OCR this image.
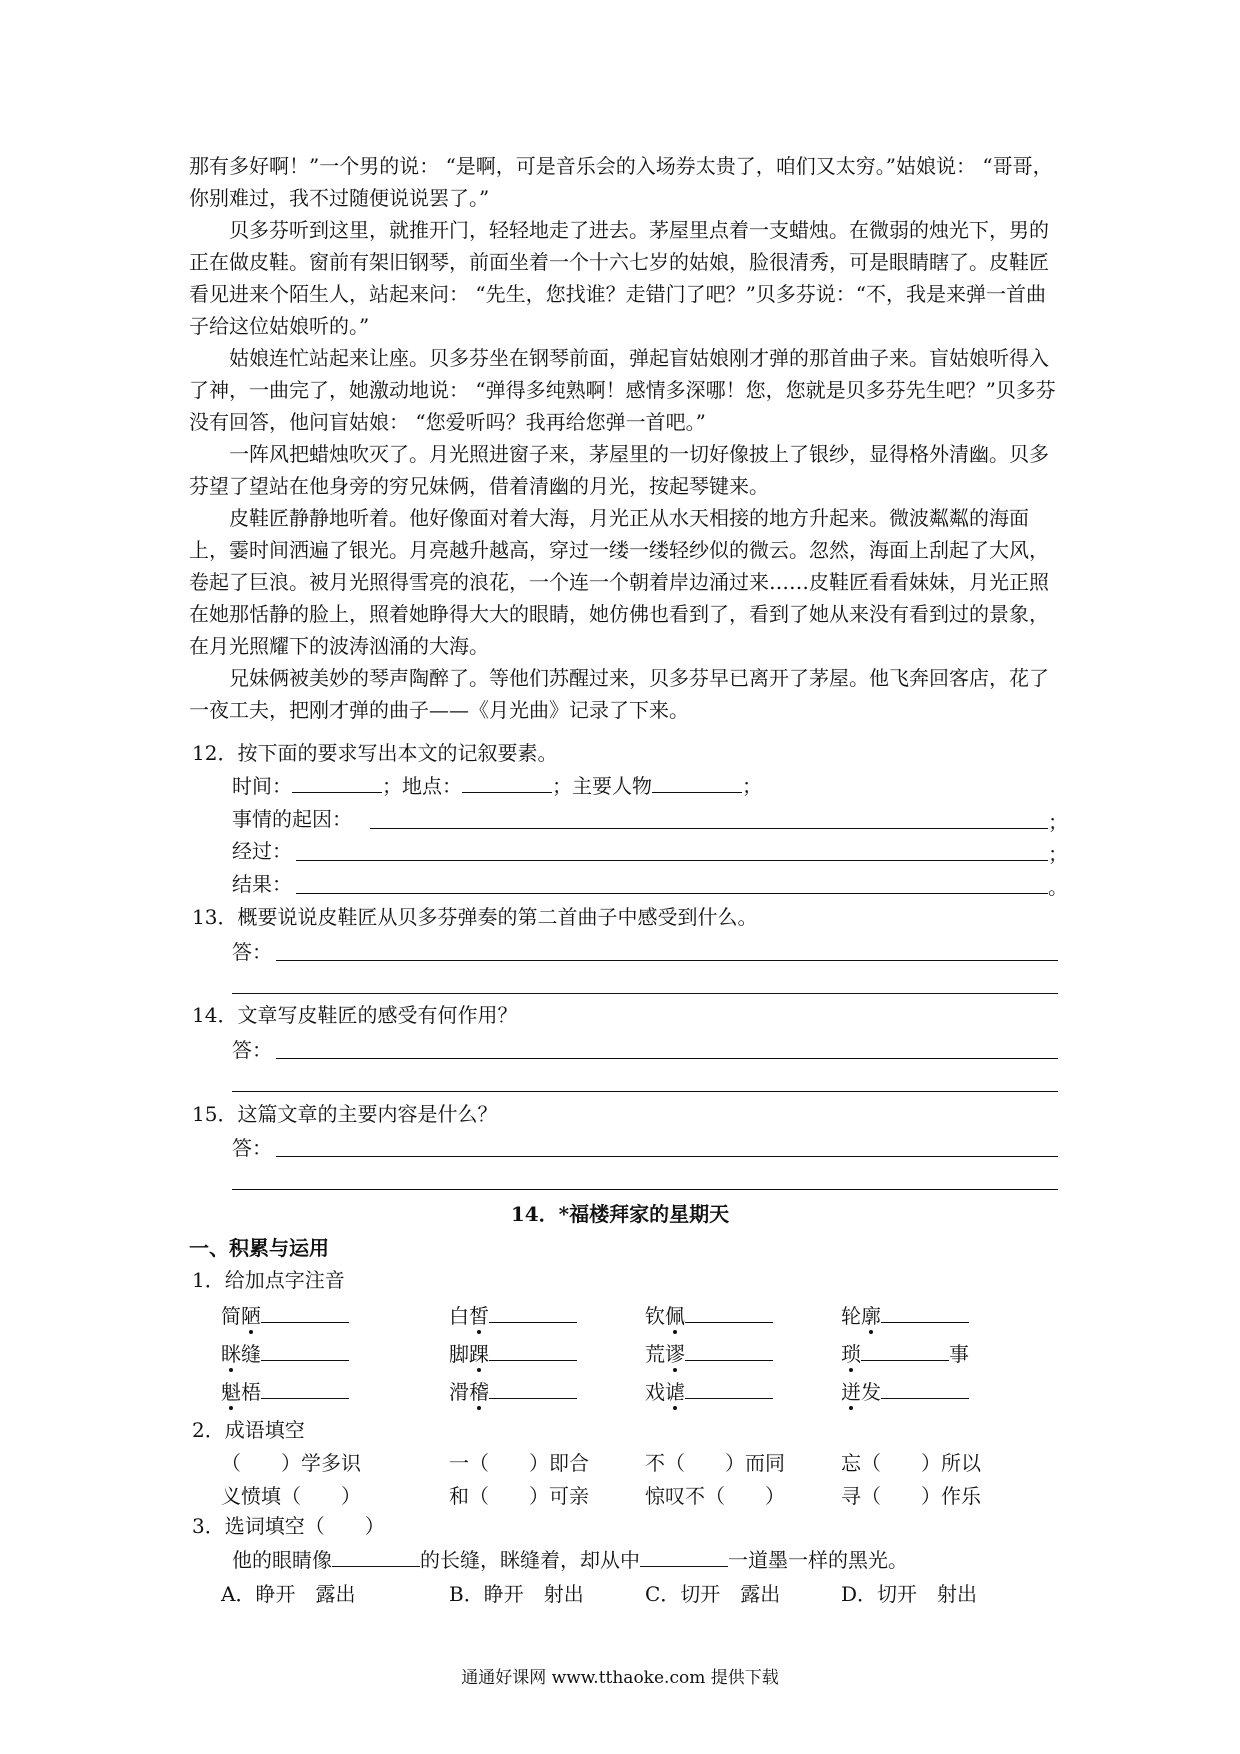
那有多好啊！”一个男的说： “是啊，可是音乐会的入场券太贵了，咱们又太穷。”姑娘说： “哥哥，你别难过，我不过随便说说罢了。”

贝多芬听到这里，就推开门，轻轻地走了进去。茅屋里点着一支蜡烛。在微弱的烛光下，男的正在做皮鞋。窗前有架旧钢琴，前面坐着一个十六七岁的姑娘，脸很清秀，可是眼睛瞎了。皮鞋匠看见进来个陌生人，站起来问： “先生，您找谁？走错门了吧？”贝多芬说：“不，我是来弹一首曲子给这位姑娘听的。”

姑娘连忙站起来让座。贝多芬坐在钢琴前面，弹起盲姑娘刚才弹的那首曲子来。盲姑娘听得入了神，一曲完了，她激动地说： “弹得多纯熟啊！感情多深哪！您，您就是贝多芬先生吧？”贝多芬没有回答，他问盲姑娘： “您爱听吗？我再给您弹一首吧。”

一阵风把蜡烛吹灭了。月光照进窗子来，茅屋里的一切好像披上了银纱，显得格外清幽。贝多芬望了望站在他身旁的穷兄妹俩，借着清幽的月光，按起琴键来。

皮鞋匠静静地听着。他好像面对着大海，月光正从水天相接的地方升起来。微波粼粼的海面上，霎时间洒遍了银光。月亮越升越高，穿过一缕一缕轻纱似的微云。忽然，海面上刮起了大风，卷起了巨浪。被月光照得雪亮的浪花，一个连一个朝着岸边涌过来……皮鞋匠看看妹妹，月光正照在她那恬静的脸上，照着她睁得大大的眼睛，她仿佛也看到了，看到了她从来没有看到过的景象，在月光照耀下的波涛汹涌的大海。

兄妹俩被美妙的琴声陶醉了。等他们苏醒过来，贝多芬早已离开了茅屋。他飞奔回客店，花了一夜工夫，把刚才弹的曲子——《月光曲》记录了下来。

12．按下面的要求写出本文的记叙要素。
时间：	；地点：	；主要人物	；
事情的起因：	；
经过：	；
结果：	。
13．概要说说皮鞋匠从贝多芬弹奏的第二首曲子中感受到什么。
答：
14．文章写皮鞋匠的感受有何作用？
答：
15．这篇文章的主要内容是什么？
答：
14．*福楼拜家的星期天
一、积累与运用
1．给加点字注音
简陋	白皙	钦佩	轮廓
眯缝	脚踝	荒谬	琐	事
魁梧	滑稽	戏谑	迸发
2．成语填空
（　　）学多识	一（　　）即合	不（　　）而同	忘（　　）所以
义愤填（　　）	和（　　）可亲	惊叹不（　　）	寻（　　）作乐
3．选词填空（　　）
他的眼睛像	的长缝，眯缝着，却从中	一道墨一样的黑光。
A．睁开　露出	B．睁开　射出	C．切开　露出	D．切开　射出
通通好课网 www.tthaoke.com 提供下载
